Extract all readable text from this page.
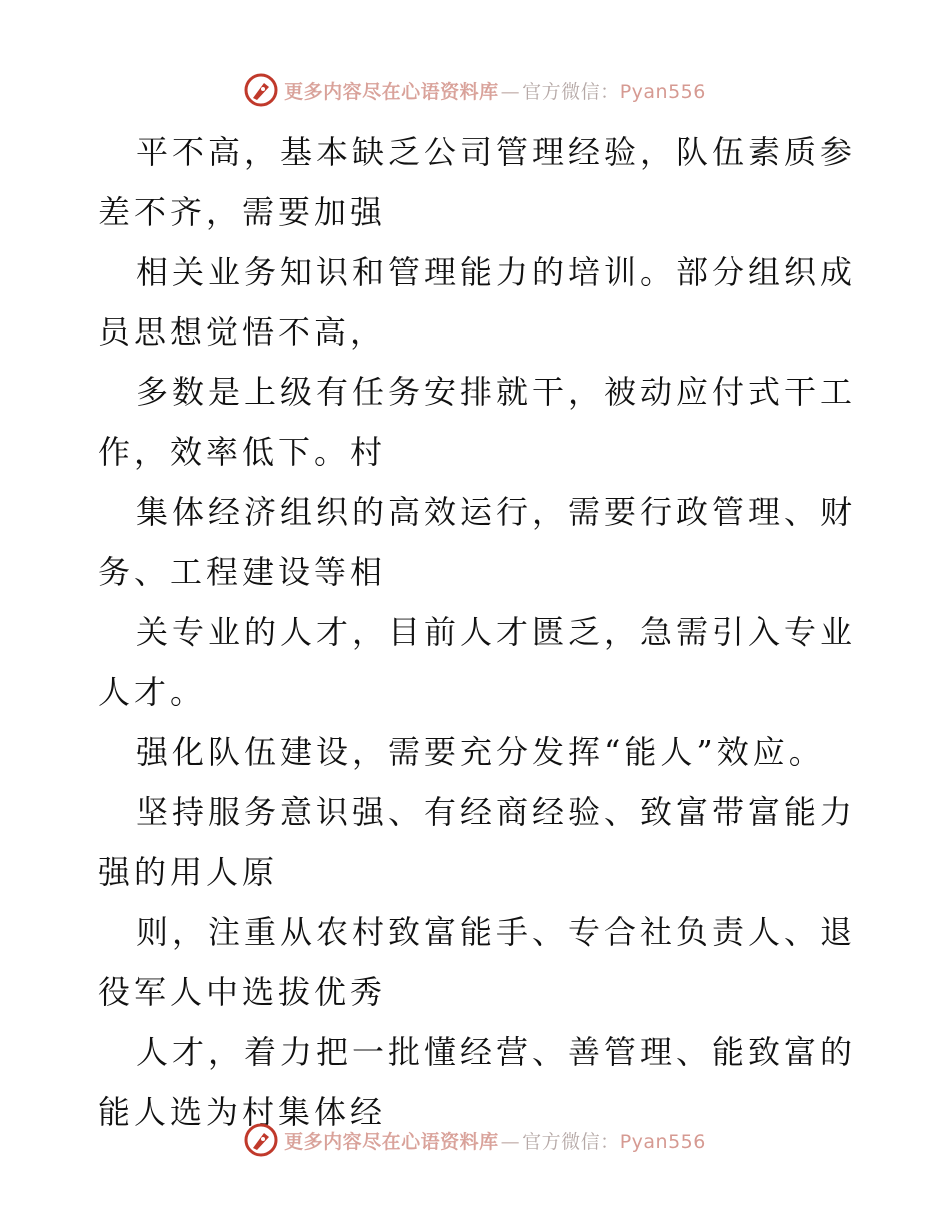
更多内容尽在心语资料库 — 官方微信：Pyan556

平不高，基本缺乏公司管理经验，队伍素质参差不齐，需要加强

相关业务知识和管理能力的培训。部分组织成员思想觉悟不高，

多数是上级有任务安排就干，被动应付式干工作，效率低下。村

集体经济组织的高效运行，需要行政管理、财务、工程建设等相

关专业的人才，目前人才匮乏，急需引入专业人才。

强化队伍建设，需要充分发挥“能人”效应。

坚持服务意识强、有经商经验、致富带富能力强的用人原

则，注重从农村致富能手、专合社负责人、退役军人中选拔优秀

人才，着力把一批懂经营、善管理、能致富的能人选为村集体经

更多内容尽在心语资料库 — 官方微信：Pyan556
